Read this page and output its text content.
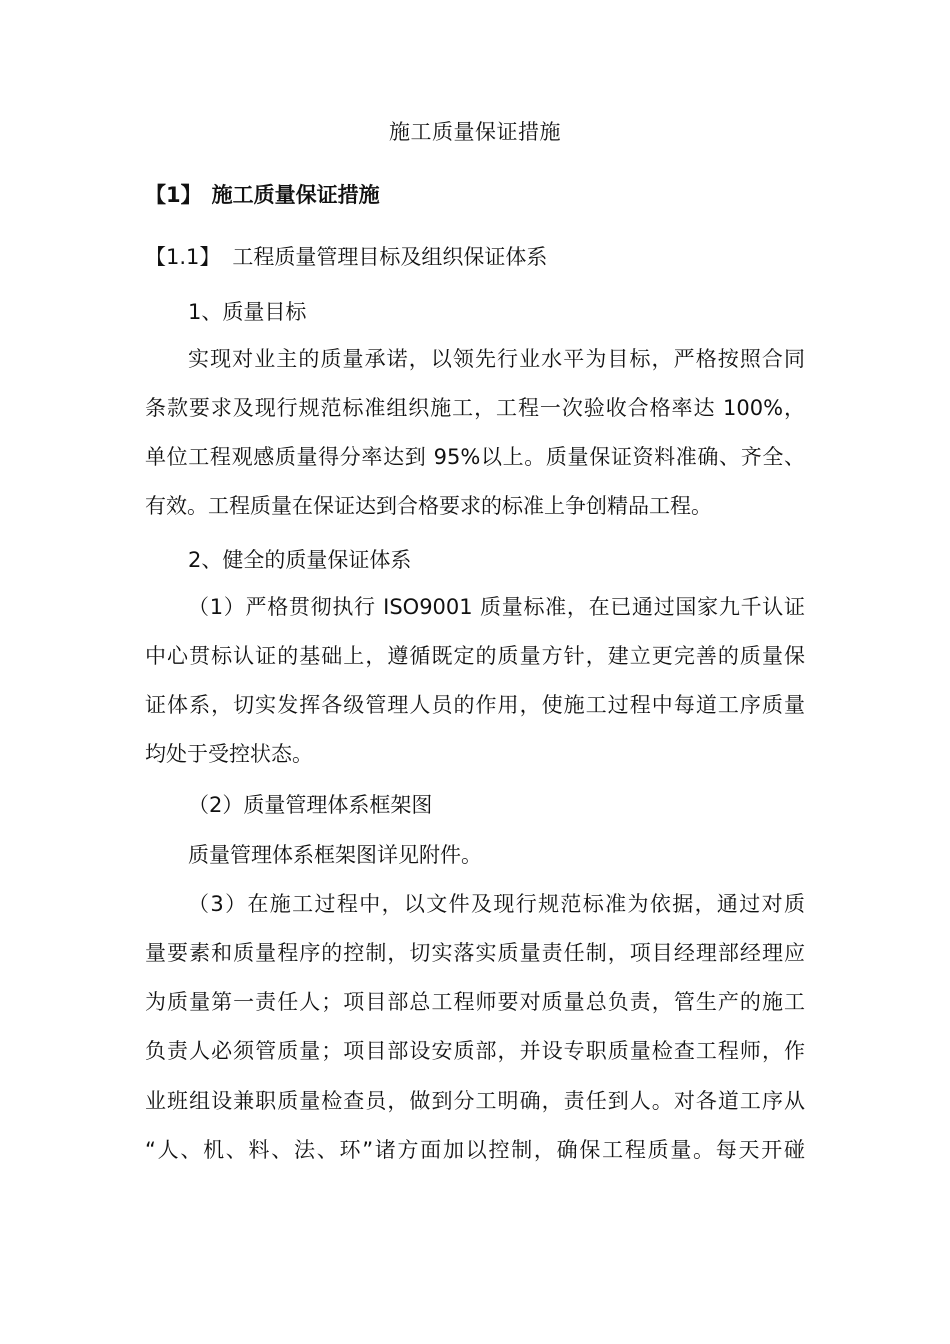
施工质量保证措施
【1】 施工质量保证措施
【1.1】 工程质量管理目标及组织保证体系
1、质量目标
实现对业主的质量承诺，以领先行业水平为目标，严格按照合同
条款要求及现行规范标准组织施工，工程一次验收合格率达 100%，
单位工程观感质量得分率达到 95%以上。质量保证资料准确、齐全、
有效。工程质量在保证达到合格要求的标准上争创精品工程。
2、健全的质量保证体系
（1）严格贯彻执行 ISO9001 质量标准，在已通过国家九千认证
中心贯标认证的基础上，遵循既定的质量方针，建立更完善的质量保
证体系，切实发挥各级管理人员的作用，使施工过程中每道工序质量
均处于受控状态。
（2）质量管理体系框架图
质量管理体系框架图详见附件。
（3）在施工过程中，以文件及现行规范标准为依据，通过对质
量要素和质量程序的控制，切实落实质量责任制，项目经理部经理应
为质量第一责任人；项目部总工程师要对质量总负责，管生产的施工
负责人必须管质量；项目部设安质部，并设专职质量检查工程师，作
业班组设兼职质量检查员，做到分工明确，责任到人。对各道工序从
“人、机、料、法、环”诸方面加以控制，确保工程质量。每天开碰
